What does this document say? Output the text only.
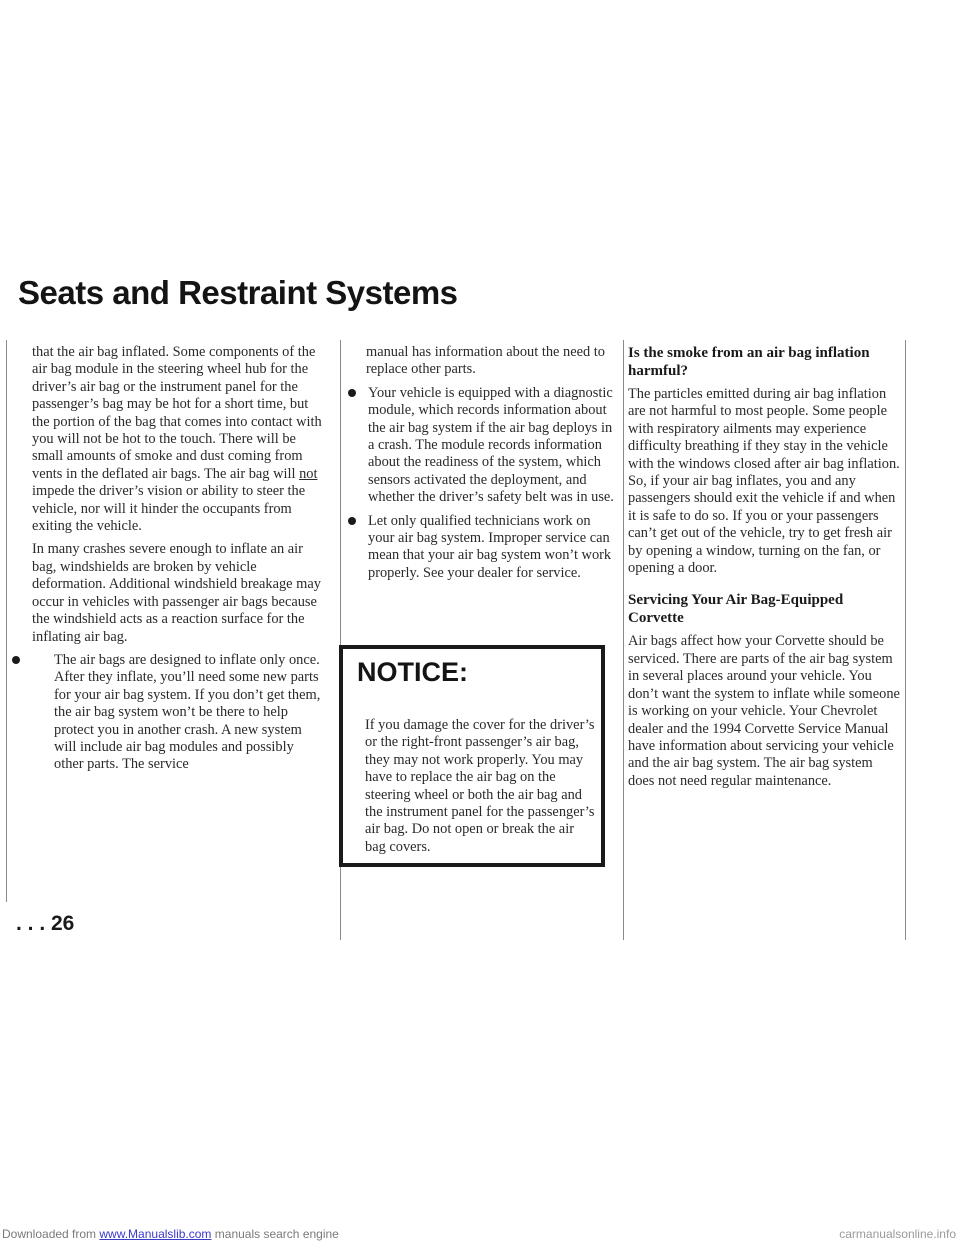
Seats and Restraint Systems

that the air bag inflated. Some components of the air bag module in the steering wheel hub for the driver’s air bag or the instrument panel for the passenger’s bag may be hot for a short time, but the portion of the bag that comes into contact with you will not be hot to the touch. There will be small amounts of smoke and dust coming from vents in the deflated air bags. The air bag will not impede the driver’s vision or ability to steer the vehicle, nor will it hinder the occupants from exiting the vehicle.

In many crashes severe enough to inflate an air bag, windshields are broken by vehicle deformation. Additional windshield breakage may occur in vehicles with passenger air bags because the windshield acts as a reaction surface for the inflating air bag.

The air bags are designed to inflate only once. After they inflate, you’ll need some new parts for your air bag system. If you don’t get them, the air bag system won’t be there to help protect you in another crash. A new system will include air bag modules and possibly other parts. The service

manual has information about the need to replace other parts.

Your vehicle is equipped with a diagnostic module, which records information about the air bag system if the air bag deploys in a crash. The module records information about the readiness of the system, which sensors activated the deployment, and whether the driver’s safety belt was in use.
Let only qualified technicians work on your air bag system. Improper service can mean that your air bag system won’t work properly. See your dealer for service.
NOTICE:

If you damage the cover for the driver’s or the right-front passenger’s air bag, they may not work properly. You may have to replace the air bag on the steering wheel or both the air bag and the instrument panel for the passenger’s air bag. Do not open or break the air bag covers.

Is the smoke from an air bag inflation harmful?

The particles emitted during air bag inflation are not harmful to most people. Some people with respiratory ailments may experience difficulty breathing if they stay in the vehicle with the windows closed after air bag inflation. So, if your air bag inflates, you and any passengers should exit the vehicle if and when it is safe to do so. If you or your passengers can’t get out of the vehicle, try to get fresh air by opening a window, turning on the fan, or opening a door.

Servicing Your Air Bag-Equipped Corvette

Air bags affect how your Corvette should be serviced. There are parts of the air bag system in several places around your vehicle. You don’t want the system to inflate while someone is working on your vehicle. Your Chevrolet dealer and the 1994 Corvette Service Manual have information about servicing your vehicle and the air bag system. The air bag system does not need regular maintenance.

. . . 26

Downloaded from www.Manualslib.com manuals search engine	carmanualsonline.info
